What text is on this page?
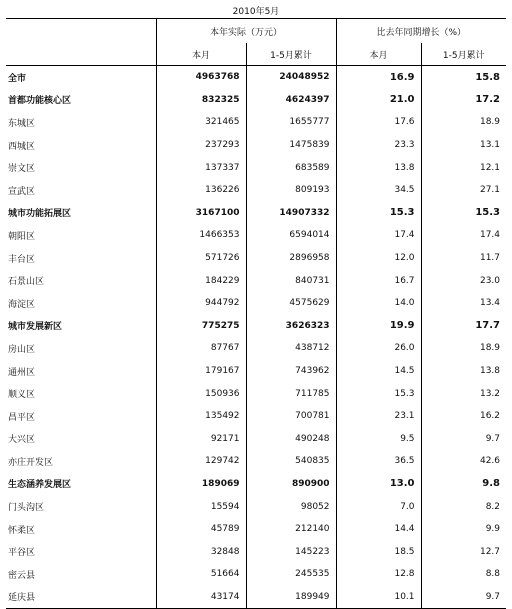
2010年5月
	本年实际（万元）		比去年同期增长（%）	
	本月	1-5月累计	本月	1-5月累计
全市	4963768	24048952	16.9	15.8
首都功能核心区	832325	4624397	21.0	17.2
东城区	321465	1655777	17.6	18.9
西城区	237293	1475839	23.3	13.1
崇文区	137337	683589	13.8	12.1
宣武区	136226	809193	34.5	27.1
城市功能拓展区	3167100	14907332	15.3	15.3
朝阳区	1466353	6594014	17.4	17.4
丰台区	571726	2896958	12.0	11.7
石景山区	184229	840731	16.7	23.0
海淀区	944792	4575629	14.0	13.4
城市发展新区	775275	3626323	19.9	17.7
房山区	87767	438712	26.0	18.9
通州区	179167	743962	14.5	13.8
顺义区	150936	711785	15.3	13.2
昌平区	135492	700781	23.1	16.2
大兴区	92171	490248	9.5	9.7
亦庄开发区	129742	540835	36.5	42.6
生态涵养发展区	189069	890900	13.0	9.8
门头沟区	15594	98052	7.0	8.2
怀柔区	45789	212140	14.4	9.9
平谷区	32848	145223	18.5	12.7
密云县	51664	245535	12.8	8.8
延庆县	43174	189949	10.1	9.7
